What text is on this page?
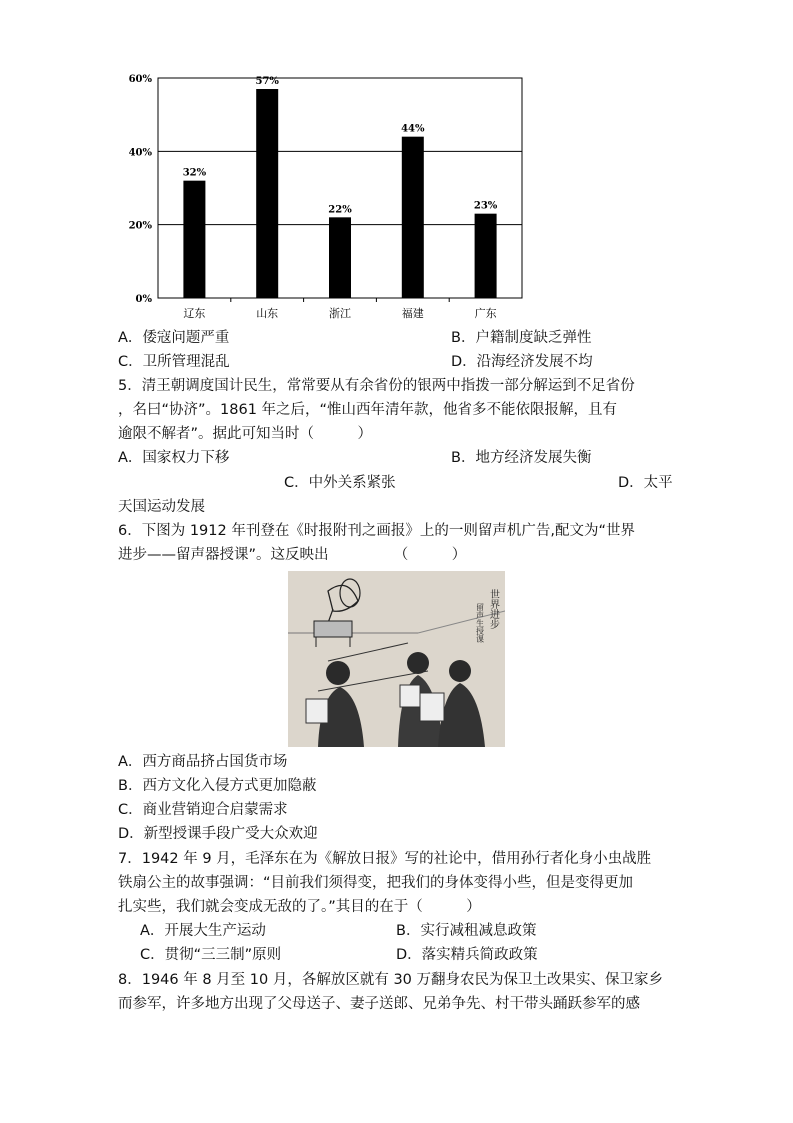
0%
20%
40%
60%
32%
辽东
57%
山东
22%
浙江
44%
福建
23%
广东
A．倭寇问题严重	B．户籍制度缺乏弹性
C．卫所管理混乱	D．沿海经济发展不均
5．清王朝调度国计民生，常常要从有余省份的银两中指拨一部分解运到不足省份
，名曰“协济”。1861 年之后，“惟山西年清年款，他省多不能依限报解，且有
逾限不解者”。据此可知当时（　　　）
A．国家权力下移	B．地方经济发展失衡
C．中外关系紧张	D．太平
天国运动发展
6．下图为 1912 年刊登在《时报附刊之画报》上的一则留声机广告,配文为“世界
进步——留声器授课”。这反映出　　　　　（　　　）
世界进步
留声生授课
A．西方商品挤占国货市场
B．西方文化入侵方式更加隐蔽
C．商业营销迎合启蒙需求
D．新型授课手段广受大众欢迎
7．1942 年 9 月，毛泽东在为《解放日报》写的社论中，借用孙行者化身小虫战胜
铁扇公主的故事强调：“目前我们须得变，把我们的身体变得小些，但是变得更加
扎实些，我们就会变成无敌的了。”其目的在于（　　　）
A．开展大生产运动	B．实行减租减息政策
C．贯彻“三三制”原则	D．落实精兵简政政策
8．1946 年 8 月至 10 月，各解放区就有 30 万翻身农民为保卫土改果实、保卫家乡
而参军，许多地方出现了父母送子、妻子送郎、兄弟争先、村干带头踊跃参军的感
